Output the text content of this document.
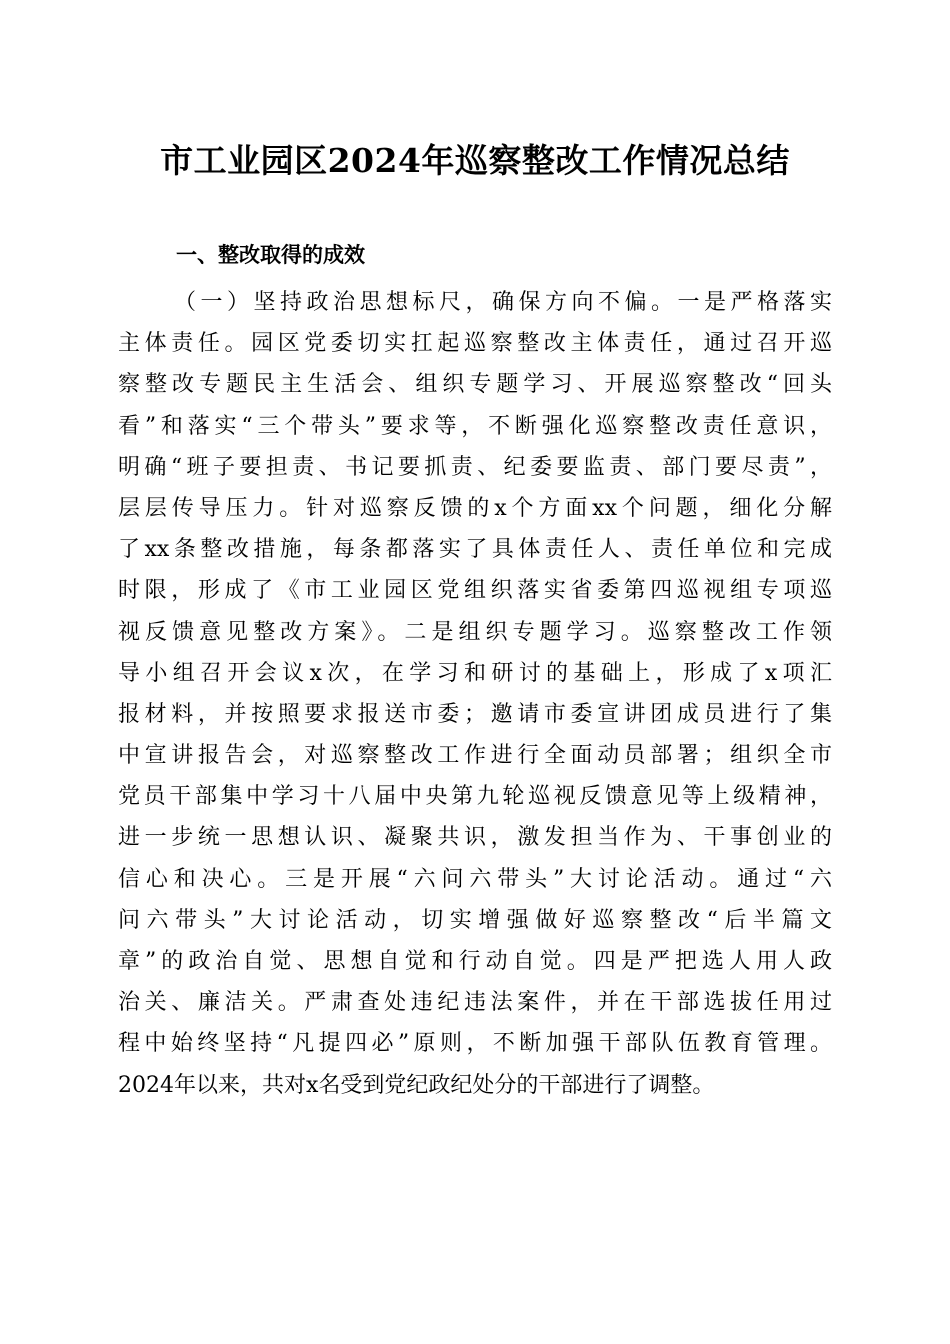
市工业园区2024年巡察整改工作情况总结
一、整改取得的成效
（一）坚持政治思想标尺，确保方向不偏。一是严格落实
主体责任。园区党委切实扛起巡察整改主体责任，通过召开巡
察整改专题民主生活会、组织专题学习、开展巡察整改“回头
看”和落实“三个带头”要求等，不断强化巡察整改责任意识，
明确“班子要担责、书记要抓责、纪委要监责、部门要尽责”，
层层传导压力。针对巡察反馈的x个方面xx个问题，细化分解
了xx条整改措施，每条都落实了具体责任人、责任单位和完成
时限，形成了《市工业园区党组织落实省委第四巡视组专项巡
视反馈意见整改方案》。二是组织专题学习。巡察整改工作领
导小组召开会议x次，在学习和研讨的基础上，形成了x项汇
报材料，并按照要求报送市委；邀请市委宣讲团成员进行了集
中宣讲报告会，对巡察整改工作进行全面动员部署；组织全市
党员干部集中学习十八届中央第九轮巡视反馈意见等上级精神，
进一步统一思想认识、凝聚共识，激发担当作为、干事创业的
信心和决心。三是开展“六问六带头”大讨论活动。通过“六
问六带头”大讨论活动，切实增强做好巡察整改“后半篇文
章”的政治自觉、思想自觉和行动自觉。四是严把选人用人政
治关、廉洁关。严肃查处违纪违法案件，并在干部选拔任用过
程中始终坚持“凡提四必”原则，不断加强干部队伍教育管理。
2024年以来，共对x名受到党纪政纪处分的干部进行了调整。
